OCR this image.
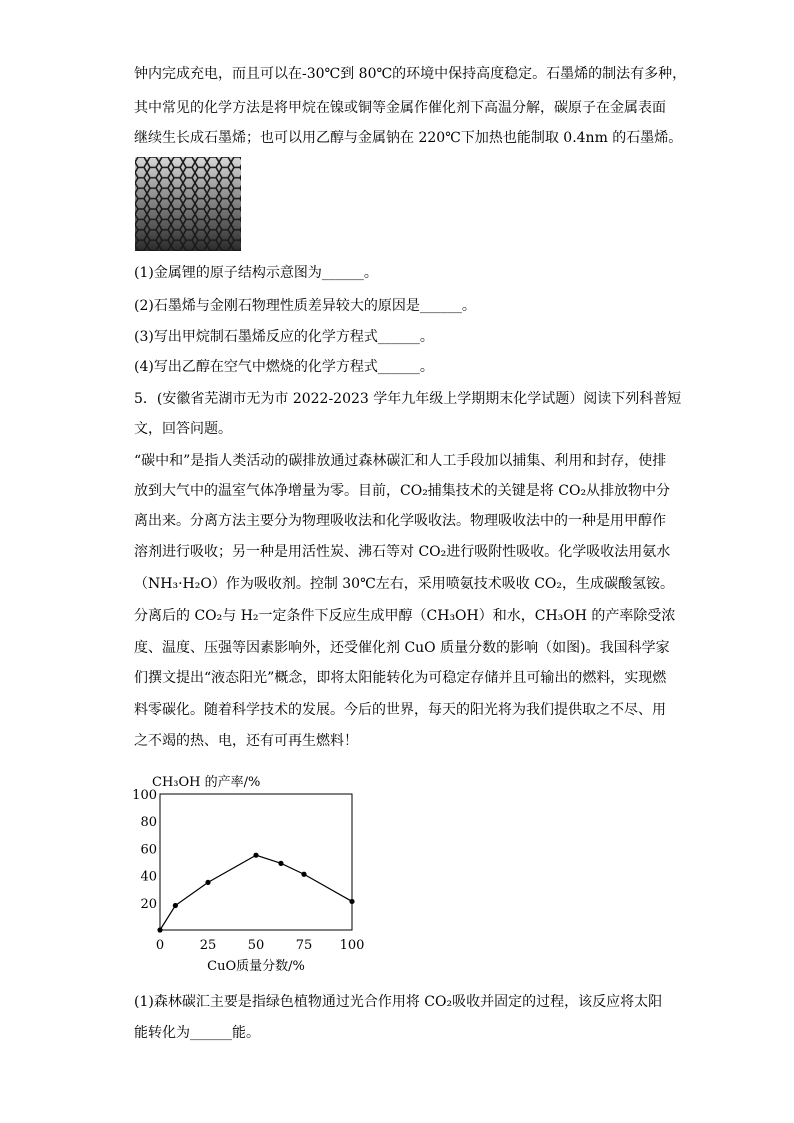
钟内完成充电，而且可以在-30℃到 80℃的环境中保持高度稳定。石墨烯的制法有多种，
其中常见的化学方法是将甲烷在镍或铜等金属作催化剂下高温分解，碳原子在金属表面
继续生长成石墨烯；也可以用乙醇与金属钠在 220℃下加热也能制取 0.4nm 的石墨烯。
(1)金属锂的原子结构示意图为______。
(2)石墨烯与金刚石物理性质差异较大的原因是______。
(3)写出甲烷制石墨烯反应的化学方程式______。
(4)写出乙醇在空气中燃烧的化学方程式______。
5．(安徽省芜湖市无为市 2022-2023 学年九年级上学期期末化学试题）阅读下列科普短
文，回答问题。
“碳中和”是指人类活动的碳排放通过森林碳汇和人工手段加以捕集、利用和封存，使排
放到大气中的温室气体净增量为零。目前，CO₂捕集技术的关键是将 CO₂从排放物中分
离出来。分离方法主要分为物理吸收法和化学吸收法。物理吸收法中的一种是用甲醇作
溶剂进行吸收；另一种是用活性炭、沸石等对 CO₂进行吸附性吸收。化学吸收法用氨水
（NH₃·H₂O）作为吸收剂。控制 30℃左右，采用喷氨技术吸收 CO₂，生成碳酸氢铵。
分离后的 CO₂与 H₂一定条件下反应生成甲醇（CH₃OH）和水，CH₃OH 的产率除受浓
度、温度、压强等因素影响外，还受催化剂 CuO 质量分数的影响（如图)。我国科学家
们撰文提出“液态阳光”概念，即将太阳能转化为可稳定存储并且可输出的燃料，实现燃
料零碳化。随着科学技术的发展。今后的世界，每天的阳光将为我们提供取之不尽、用
之不竭的热、电，还有可再生燃料！
CH₃OH 的产率/%
20
40
60
80
100
0	25 50 75 100
CuO质量分数/%
(1)森林碳汇主要是指绿色植物通过光合作用将 CO₂吸收并固定的过程，该反应将太阳
能转化为______能。
